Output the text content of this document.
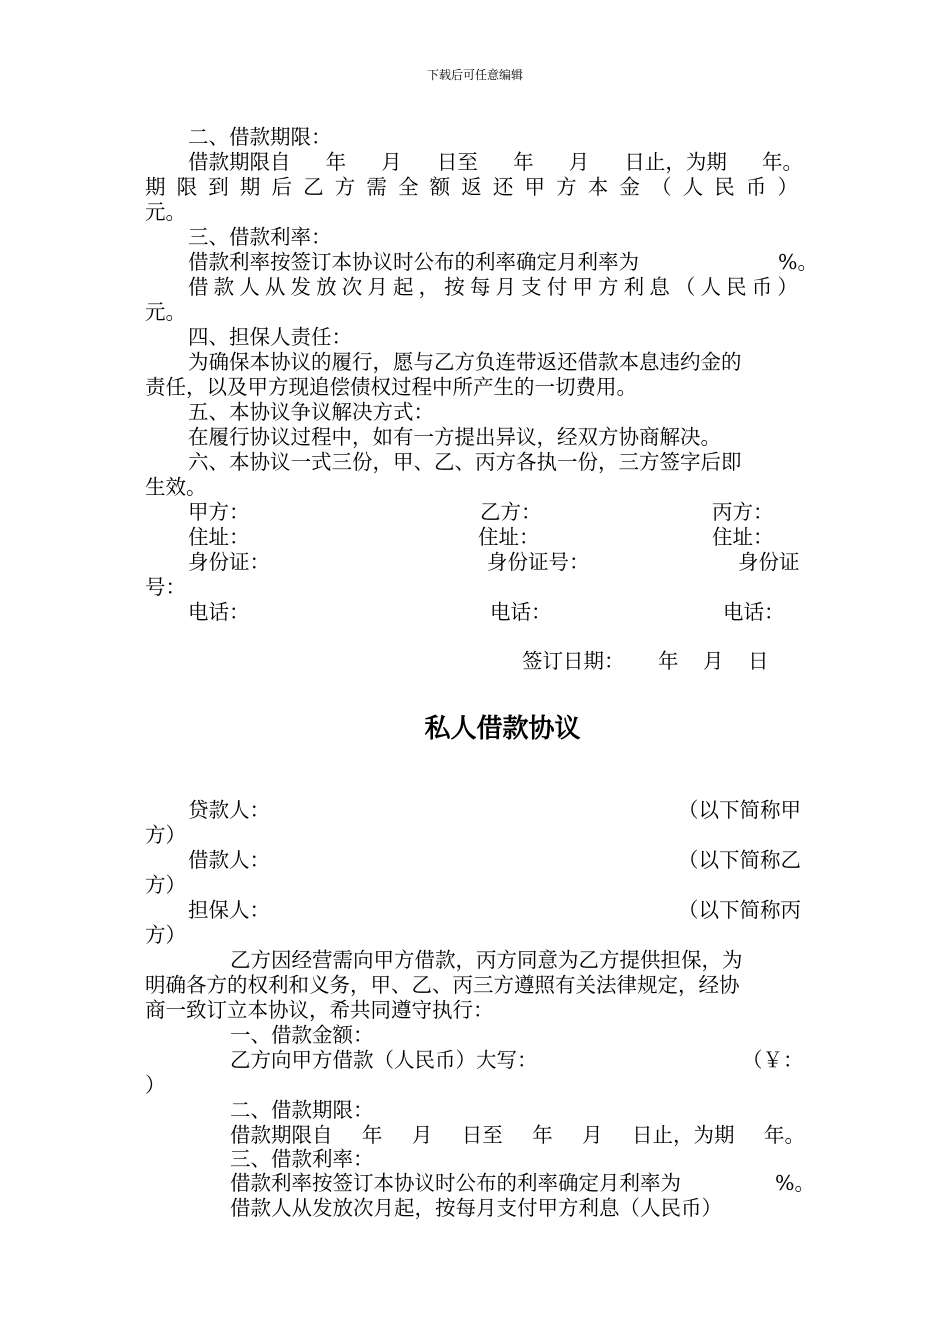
下载后可任意编辑
二、借款期限：
借款期限自 年 月 日至 年 月 日止，为期 年。
期 限 到 期 后 乙 方 需 全 额 返 还 甲 方 本 金 （ 人 民 币 ）
元。
三、借款利率：
借款利率按签订本协议时公布的利率确定月利率为	%。
借 款 人 从 发 放 次 月 起 ， 按 每 月 支 付 甲 方 利 息 （ 人 民 币 ）
元。
四、担保人责任：
为确保本协议的履行，愿与乙方负连带返还借款本息违约金的
责任，以及甲方现追偿债权过程中所产生的一切费用。
五、本协议争议解决方式：
在履行协议过程中，如有一方提出异议，经双方协商解决。
六、本协议一式三份，甲、乙、丙方各执一份，三方签字后即
生效。
甲方：	乙方：	丙方：
住址：	住址：	住址：
身份证：	身份证号：	身份证
号：
电话：	电话：	电话：
签订日期： 年 月 日
私人借款协议
贷款人：	（以下简称甲
方）
借款人：	（以下简称乙
方）
担保人：	（以下简称丙
方）
乙方因经营需向甲方借款，丙方同意为乙方提供担保，为
明确各方的权利和义务，甲、乙、丙三方遵照有关法律规定，经协
商一致订立本协议，希共同遵守执行：
一、借款金额：
乙方向甲方借款（人民币）大写：	（￥：
）
二、借款期限：
借款期限自 年 月 日至 年 月 日止，为期 年。
三、借款利率：
借款利率按签订本协议时公布的利率确定月利率为	%。
借款人从发放次月起，按每月支付甲方利息（人民币）
